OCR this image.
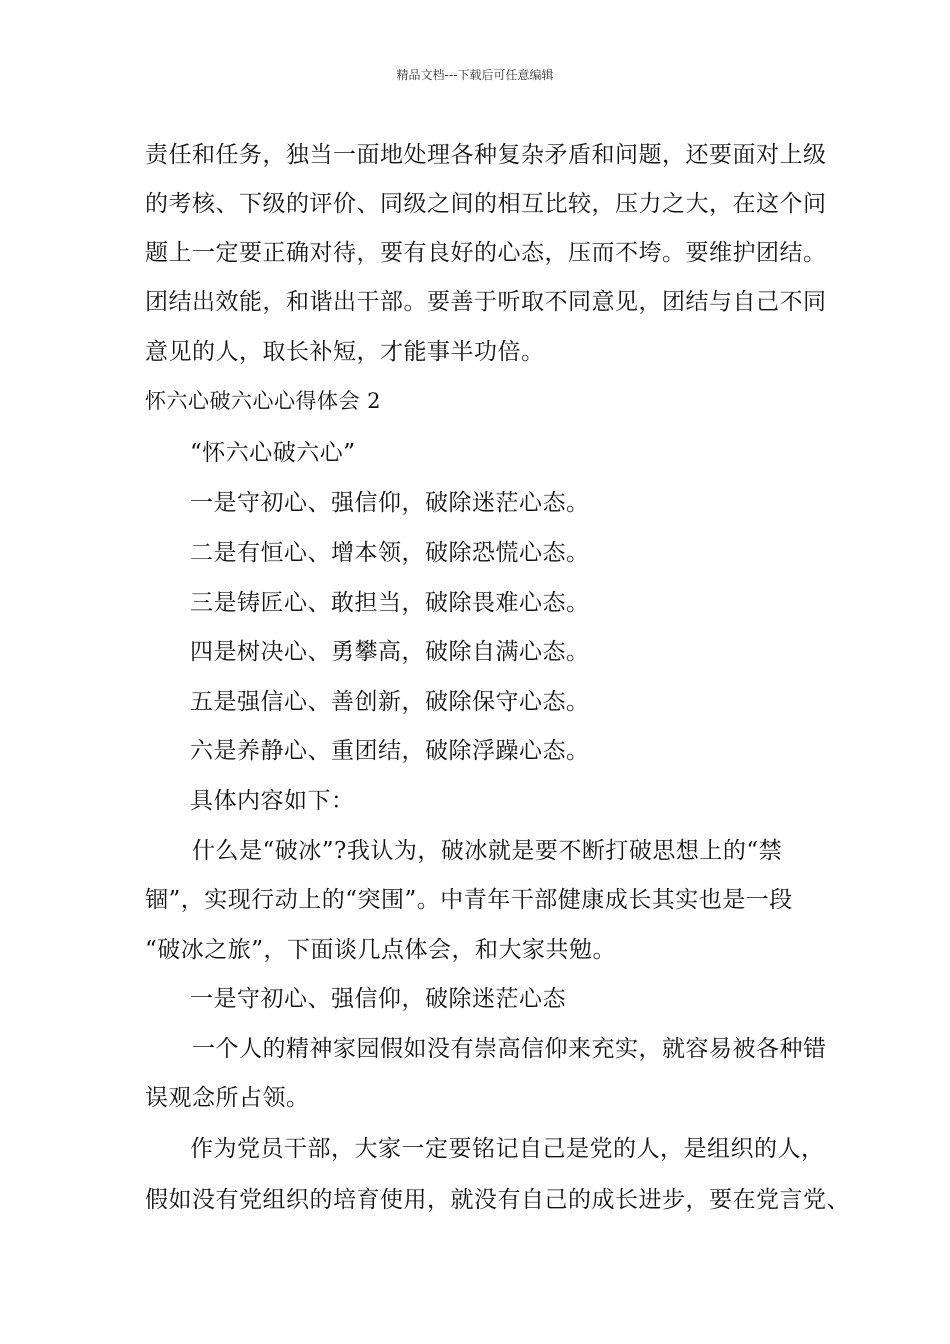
精品文档---下载后可任意编辑
责任和任务，独当一面地处理各种复杂矛盾和问题，还要面对上级
的考核、下级的评价、同级之间的相互比较，压力之大，在这个问
题上一定要正确对待，要有良好的心态，压而不垮。要维护团结。
团结出效能，和谐出干部。要善于听取不同意见，团结与自己不同
意见的人，取长补短，才能事半功倍。
怀六心破六心心得体会 2
“怀六心破六心”
一是守初心、强信仰，破除迷茫心态。
二是有恒心、增本领，破除恐慌心态。
三是铸匠心、敢担当，破除畏难心态。
四是树决心、勇攀高，破除自满心态。
五是强信心、善创新，破除保守心态。
六是养静心、重团结，破除浮躁心态。
具体内容如下：
什么是“破冰”?我认为，破冰就是要不断打破思想上的“禁
锢”，实现行动上的“突围”。中青年干部健康成长其实也是一段
“破冰之旅”，下面谈几点体会，和大家共勉。
一是守初心、强信仰，破除迷茫心态
一个人的精神家园假如没有崇高信仰来充实，就容易被各种错
误观念所占领。
作为党员干部，大家一定要铭记自己是党的人，是组织的人，
假如没有党组织的培育使用，就没有自己的成长进步，要在党言党、
